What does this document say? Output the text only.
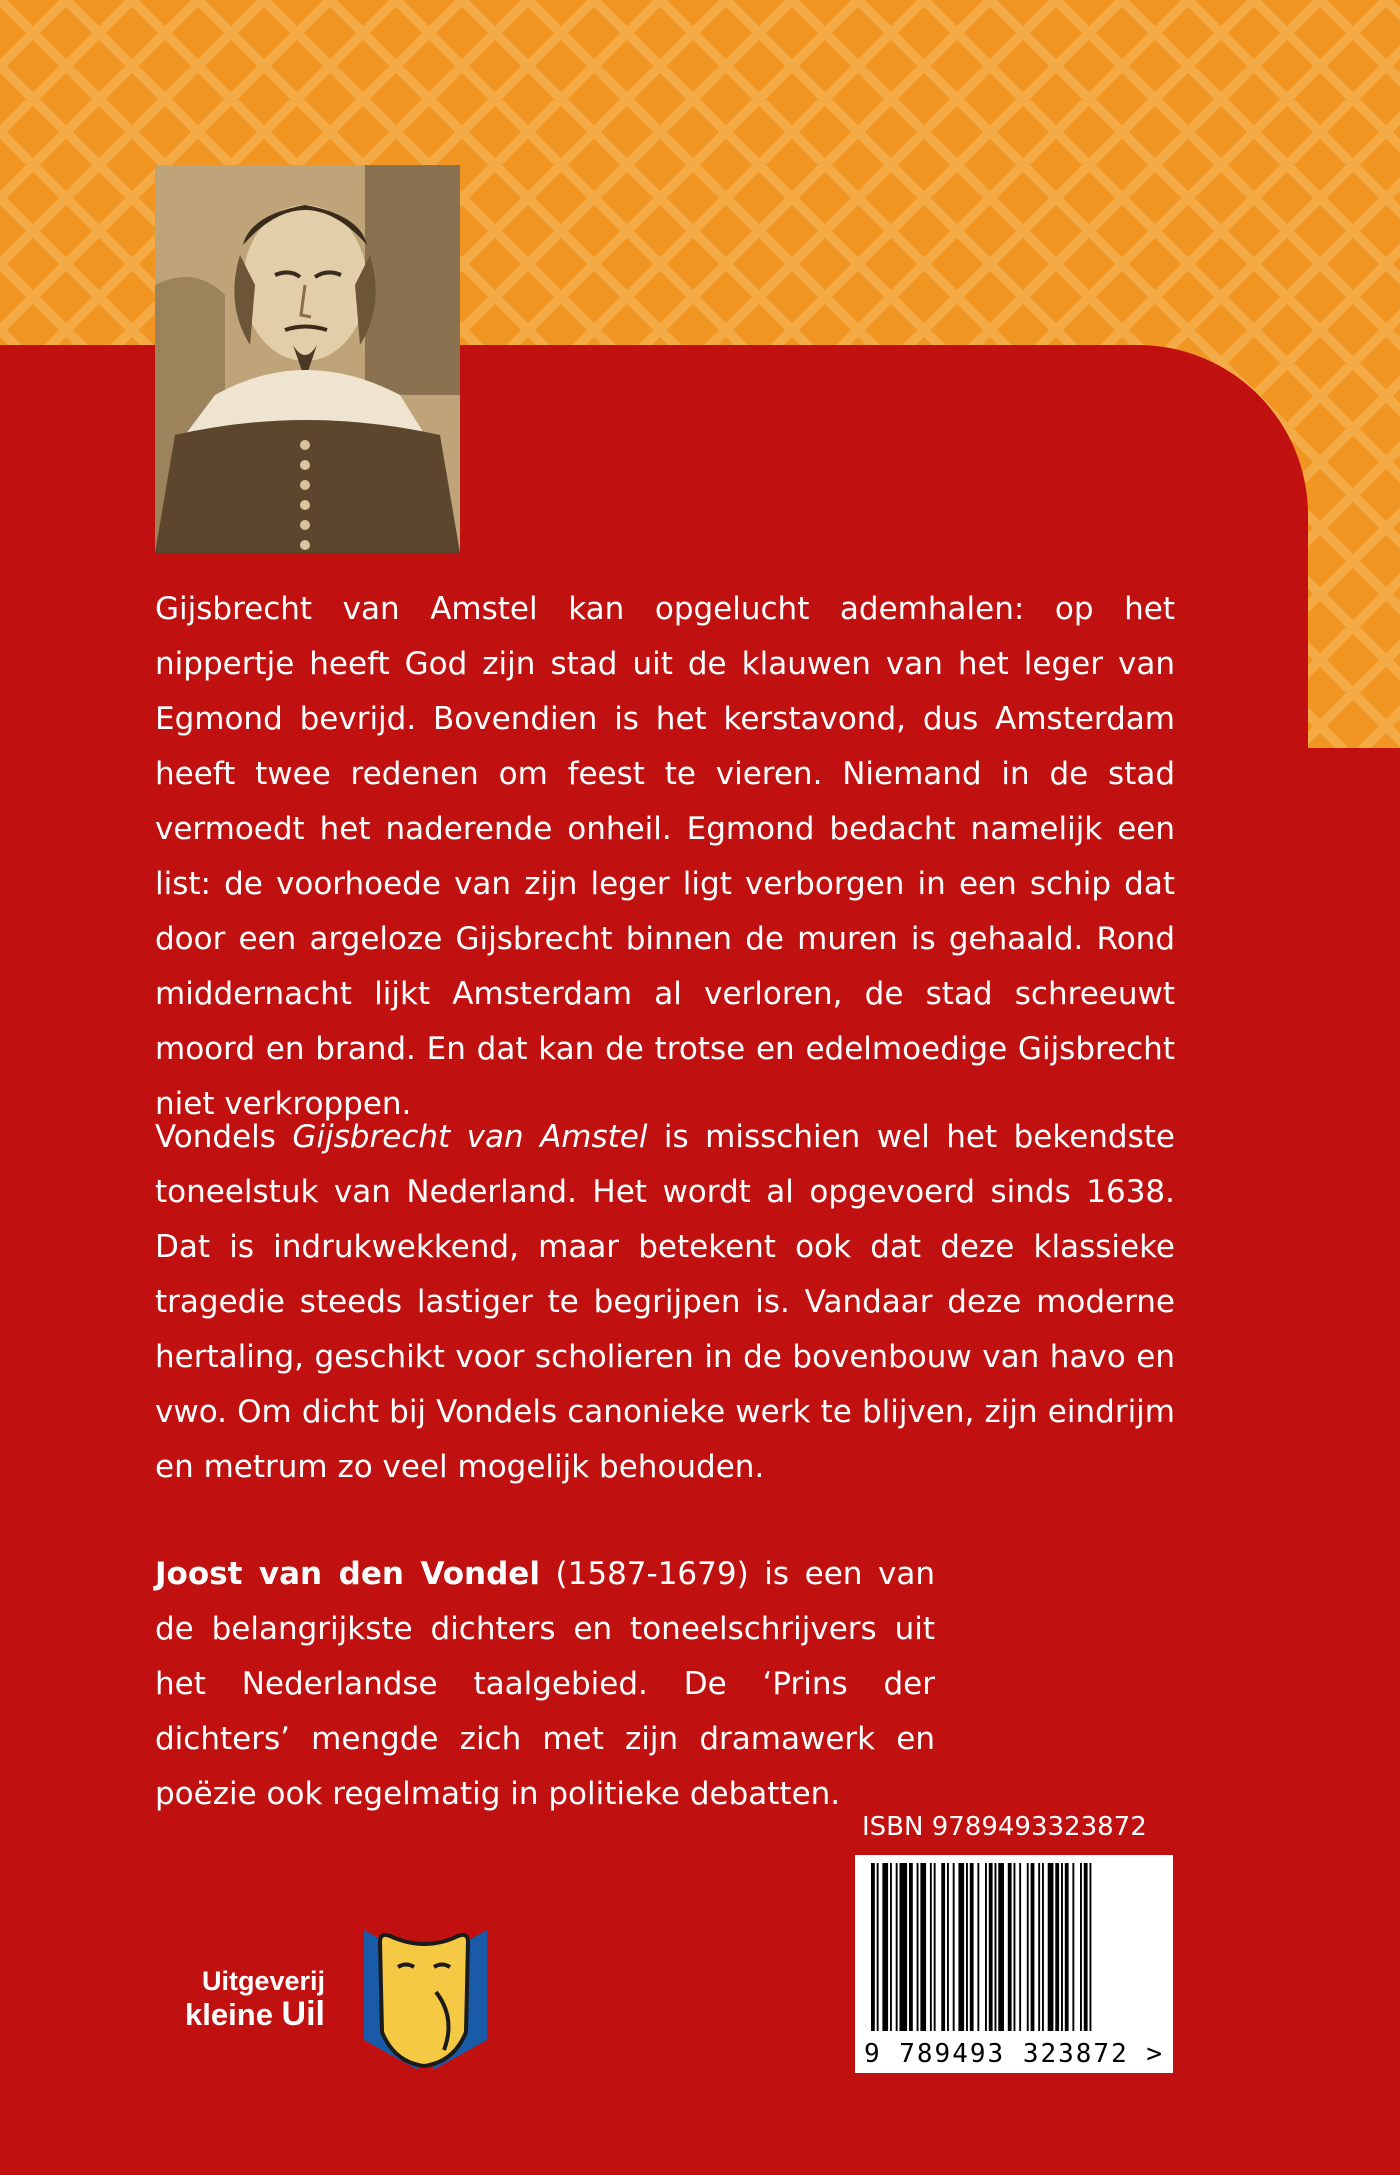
Gijsbrecht van Amstel kan opgelucht ademhalen: op het nippertje heeft God zijn stad uit de klauwen van het leger van Egmond bevrijd. Bovendien is het kerstavond, dus Amsterdam heeft twee redenen om feest te vieren. Niemand in de stad vermoedt het naderende onheil. Egmond bedacht namelijk een list: de voorhoede van zijn leger ligt verborgen in een schip dat door een argeloze Gijsbrecht binnen de muren is gehaald. Rond middernacht lijkt Amsterdam al verloren, de stad schreeuwt moord en brand. En dat kan de trotse en edelmoedige Gijsbrecht niet verkroppen.

Vondels Gijsbrecht van Amstel is misschien wel het bekendste toneelstuk van Nederland. Het wordt al opgevoerd sinds 1638. Dat is indrukwekkend, maar betekent ook dat deze klassieke tragedie steeds lastiger te begrijpen is. Vandaar deze moderne hertaling, geschikt voor scholieren in de bovenbouw van havo en vwo. Om dicht bij Vondels canonieke werk te blijven, zijn eindrijm en metrum zo veel mogelijk behouden.

Joost van den Vondel (1587-1679) is een van de belangrijkste dichters en toneelschrijvers uit het Nederlandse taalgebied. De ‘Prins der dichters’ mengde zich met zijn dramawerk en poëzie ook regelmatig in politieke debatten.

ISBN 9789493323872
9 789493 323872 >
Uitgeverij
kleine Uil
